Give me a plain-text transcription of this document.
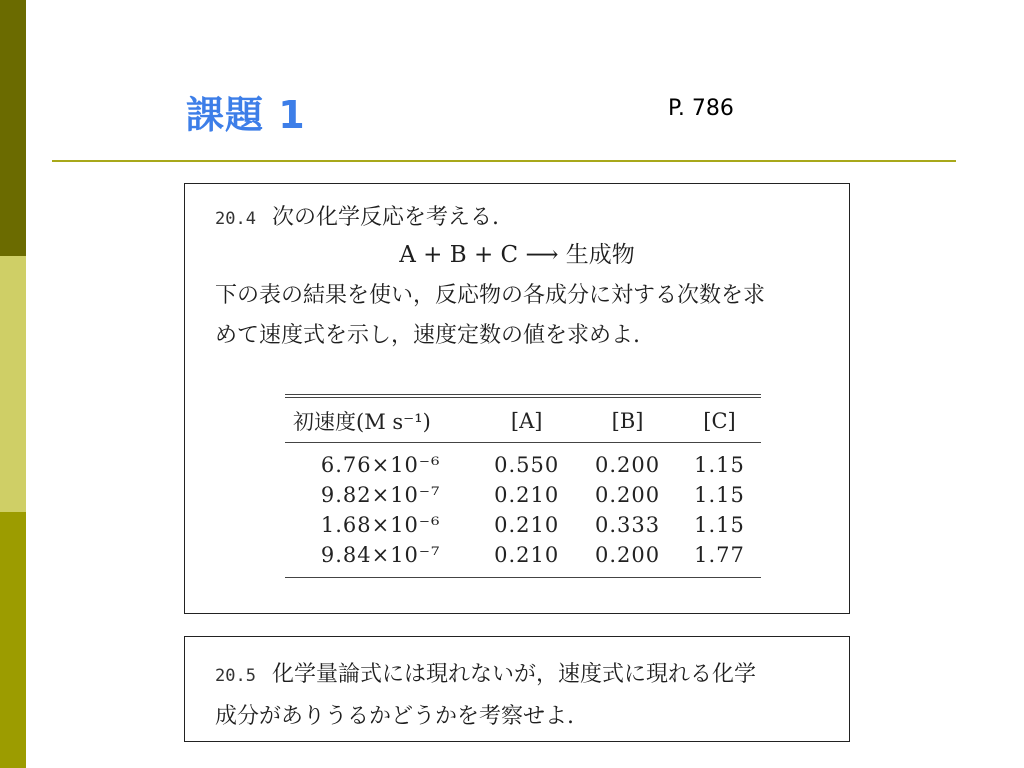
課題 1	P. 786
20.4 次の化学反応を考える.
A + B + C ⟶ 生成物
下の表の結果を使い，反応物の各成分に対する次数を求
めて速度式を示し，速度定数の値を求めよ.
初速度(M s⁻¹)	[A]	[B]	[C]
6.76×10⁻⁶	0.550	0.200	1.15
9.82×10⁻⁷	0.210	0.200	1.15
1.68×10⁻⁶	0.210	0.333	1.15
9.84×10⁻⁷	0.210	0.200	1.77
20.5 化学量論式には現れないが，速度式に現れる化学
成分がありうるかどうかを考察せよ.
